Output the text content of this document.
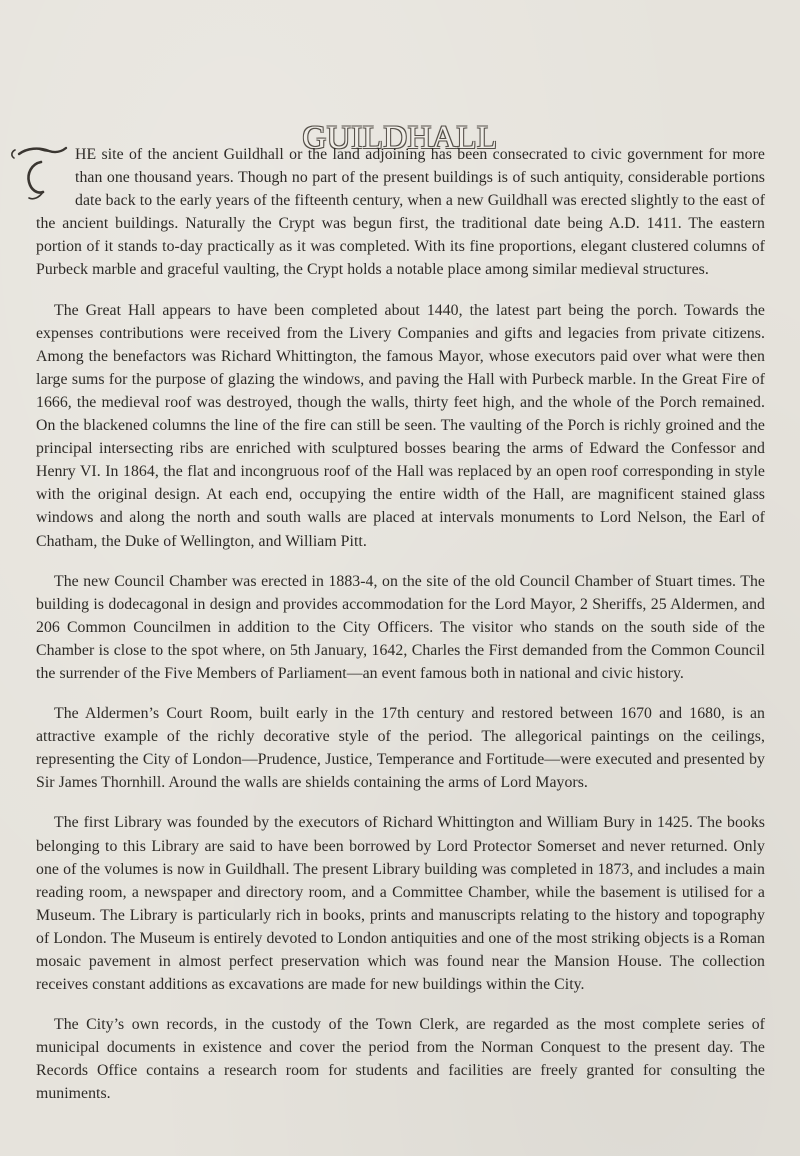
GUILDHALL

HE site of the ancient Guildhall or the land adjoining has been consecrated to civic government for more than one thousand years. Though no part of the present buildings is of such antiquity, considerable portions date back to the early years of the fifteenth century, when a new Guildhall was erected slightly to the east of the ancient buildings. Naturally the Crypt was begun first, the traditional date being A.D. 1411. The eastern portion of it stands to-day practically as it was completed. With its fine proportions, elegant clustered columns of Purbeck marble and graceful vaulting, the Crypt holds a notable place among similar medieval structures.

The Great Hall appears to have been completed about 1440, the latest part being the porch. Towards the expenses contributions were received from the Livery Companies and gifts and legacies from private citizens. Among the benefactors was Richard Whittington, the famous Mayor, whose executors paid over what were then large sums for the purpose of glazing the windows, and paving the Hall with Purbeck marble. In the Great Fire of 1666, the medieval roof was destroyed, though the walls, thirty feet high, and the whole of the Porch remained. On the blackened columns the line of the fire can still be seen. The vaulting of the Porch is richly groined and the principal intersecting ribs are enriched with sculptured bosses bearing the arms of Edward the Confessor and Henry VI. In 1864, the flat and incongruous roof of the Hall was replaced by an open roof corresponding in style with the original design. At each end, occupying the entire width of the Hall, are magnificent stained glass windows and along the north and south walls are placed at intervals monuments to Lord Nelson, the Earl of Chatham, the Duke of Wellington, and William Pitt.

The new Council Chamber was erected in 1883-4, on the site of the old Council Chamber of Stuart times. The building is dodecagonal in design and provides accommodation for the Lord Mayor, 2 Sheriffs, 25 Aldermen, and 206 Common Councilmen in addition to the City Officers. The visitor who stands on the south side of the Chamber is close to the spot where, on 5th January, 1642, Charles the First demanded from the Common Council the surrender of the Five Members of Parliament—an event famous both in national and civic history.

The Aldermen’s Court Room, built early in the 17th century and restored between 1670 and 1680, is an attractive example of the richly decorative style of the period. The allegorical paintings on the ceilings, representing the City of London—Prudence, Justice, Temperance and Fortitude—were executed and presented by Sir James Thornhill. Around the walls are shields containing the arms of Lord Mayors.

The first Library was founded by the executors of Richard Whittington and William Bury in 1425. The books belonging to this Library are said to have been borrowed by Lord Protector Somerset and never returned. Only one of the volumes is now in Guildhall. The present Library building was completed in 1873, and includes a main reading room, a newspaper and directory room, and a Committee Chamber, while the basement is utilised for a Museum. The Library is particularly rich in books, prints and manuscripts relating to the history and topography of London. The Museum is entirely devoted to London antiquities and one of the most striking objects is a Roman mosaic pavement in almost perfect preservation which was found near the Mansion House. The collection receives constant additions as excavations are made for new buildings within the City.

The City’s own records, in the custody of the Town Clerk, are regarded as the most complete series of municipal documents in existence and cover the period from the Norman Conquest to the present day. The Records Office contains a research room for students and facilities are freely granted for consulting the muniments.
